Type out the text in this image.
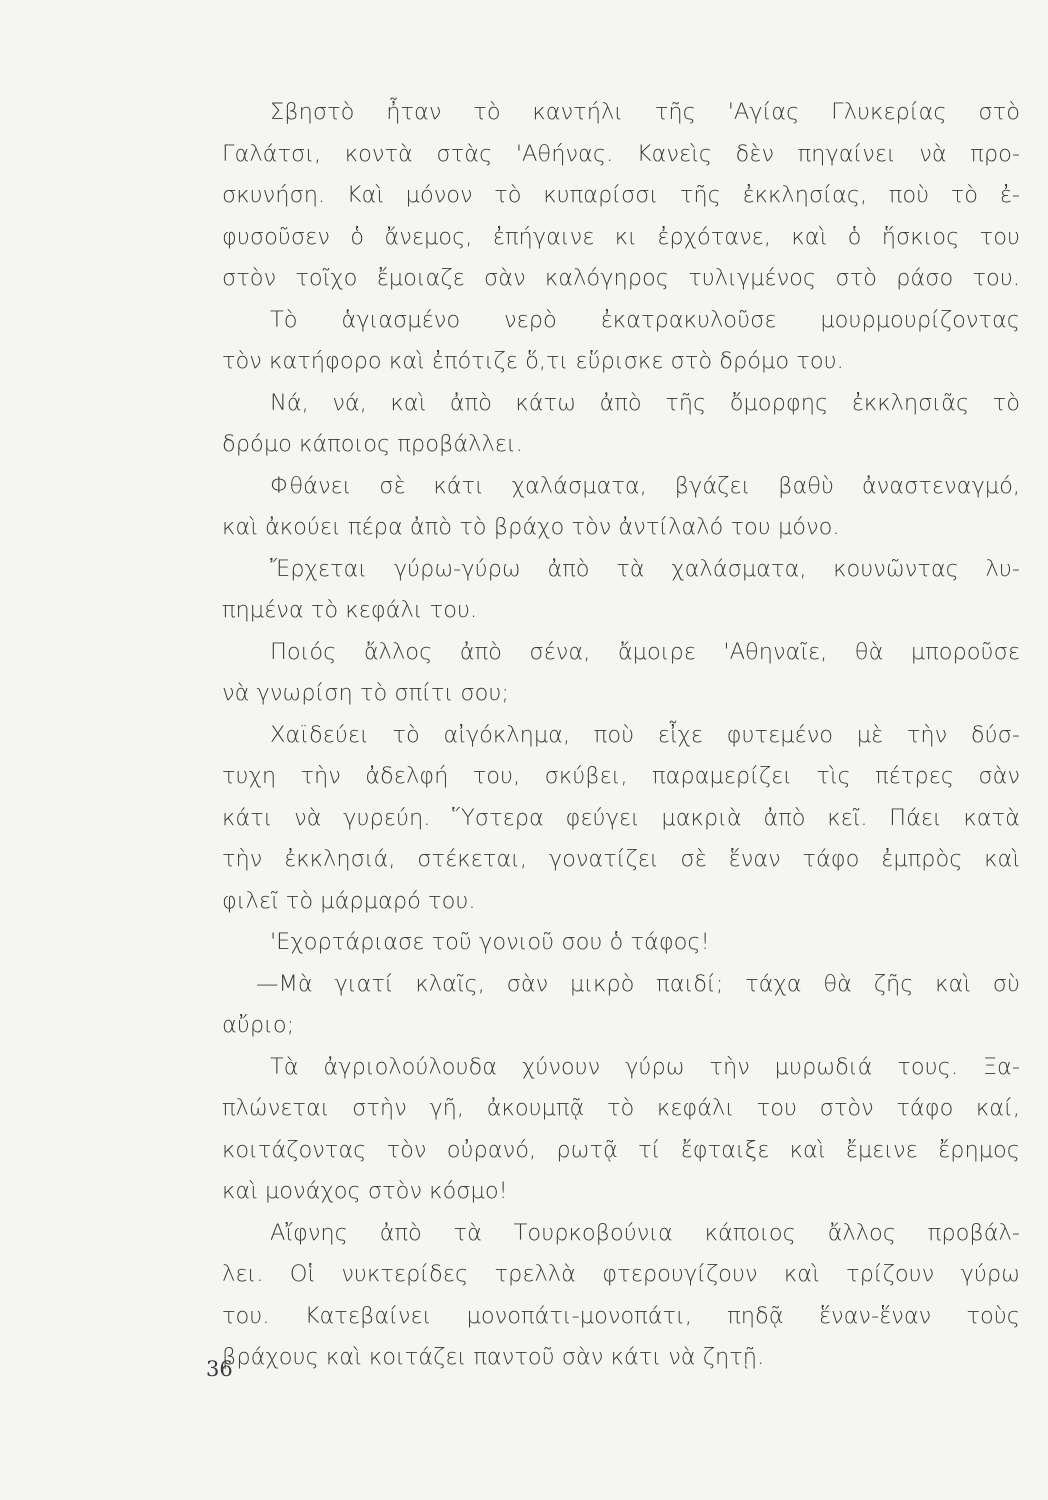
Σβηστὸ ἦταν τὸ καντήλι τῆς 'Αγίας Γλυκερίας στὸ
Γαλάτσι, κοντὰ στὰς 'Αθήνας. Κανεὶς δὲν πηγαίνει νὰ προ-
σκυνήση. Καὶ μόνον τὸ κυπαρίσσι τῆς ἐκκλησίας, ποὺ τὸ ἐ-
φυσοῦσεν ὁ ἄνεμος, ἐπήγαινε κι ἐρχότανε, καὶ ὁ ἥσκιος του
στὸν τοῖχο ἔμοιαζε σὰν καλόγηρος τυλιγμένος στὸ ράσο του.
Τὸ ἁγιασμένο νερὸ ἐκατρακυλοῦσε μουρμουρίζοντας
τὸν κατήφορο καὶ ἐπότιζε ὅ,τι εὕρισκε στὸ δρόμο του.
Νά, νά, καὶ ἀπὸ κάτω ἀπὸ τῆς ὄμορφης ἐκκλησιᾶς τὸ
δρόμο κάποιος προβάλλει.
Φθάνει σὲ κάτι χαλάσματα, βγάζει βαθὺ ἀναστεναγμό,
καὶ ἀκούει πέρα ἀπὸ τὸ βράχο τὸν ἀντίλαλό του μόνο.
Ἔρχεται γύρω-γύρω ἀπὸ τὰ χαλάσματα, κουνῶντας λυ-
πημένα τὸ κεφάλι του.
Ποιός ἄλλος ἀπὸ σένα, ἄμοιρε 'Αθηναῖε, θὰ μποροῦσε
νὰ γνωρίση τὸ σπίτι σου;
Χαϊδεύει τὸ αἰγόκλημα, ποὺ εἶχε φυτεμένο μὲ τὴν δύσ-
τυχη τὴν ἀδελφή του, σκύβει, παραμερίζει τὶς πέτρες σὰν
κάτι νὰ γυρεύη. Ὕστερα φεύγει μακριὰ ἀπὸ κεῖ. Πάει κατὰ
τὴν ἐκκλησιά, στέκεται, γονατίζει σὲ ἕναν τάφο ἐμπρὸς καὶ
φιλεῖ τὸ μάρμαρό του.
'Εχορτάριασε τοῦ γονιοῦ σου ὁ τάφος!
—Μὰ γιατί κλαῖς, σὰν μικρὸ παιδί; τάχα θὰ ζῆς καὶ σὺ
αὔριο;
Τὰ ἀγριολούλουδα χύνουν γύρω τὴν μυρωδιά τους. Ξα-
πλώνεται στὴν γῆ, ἀκουμπᾷ τὸ κεφάλι του στὸν τάφο καί,
κοιτάζοντας τὸν οὐρανό, ρωτᾷ τί ἔφταιξε καὶ ἔμεινε ἔρημος
καὶ μονάχος στὸν κόσμο!
Αἴφνης ἀπὸ τὰ Τουρκοβούνια κάποιος ἄλλος προβάλ-
λει. Οἱ νυκτερίδες τρελλὰ φτερουγίζουν καὶ τρίζουν γύρω
του. Κατεβαίνει μονοπάτι-μονοπάτι, πηδᾷ ἕναν-ἕναν τοὺς
βράχους καὶ κοιτάζει παντοῦ σὰν κάτι νὰ ζητῇ.
36
